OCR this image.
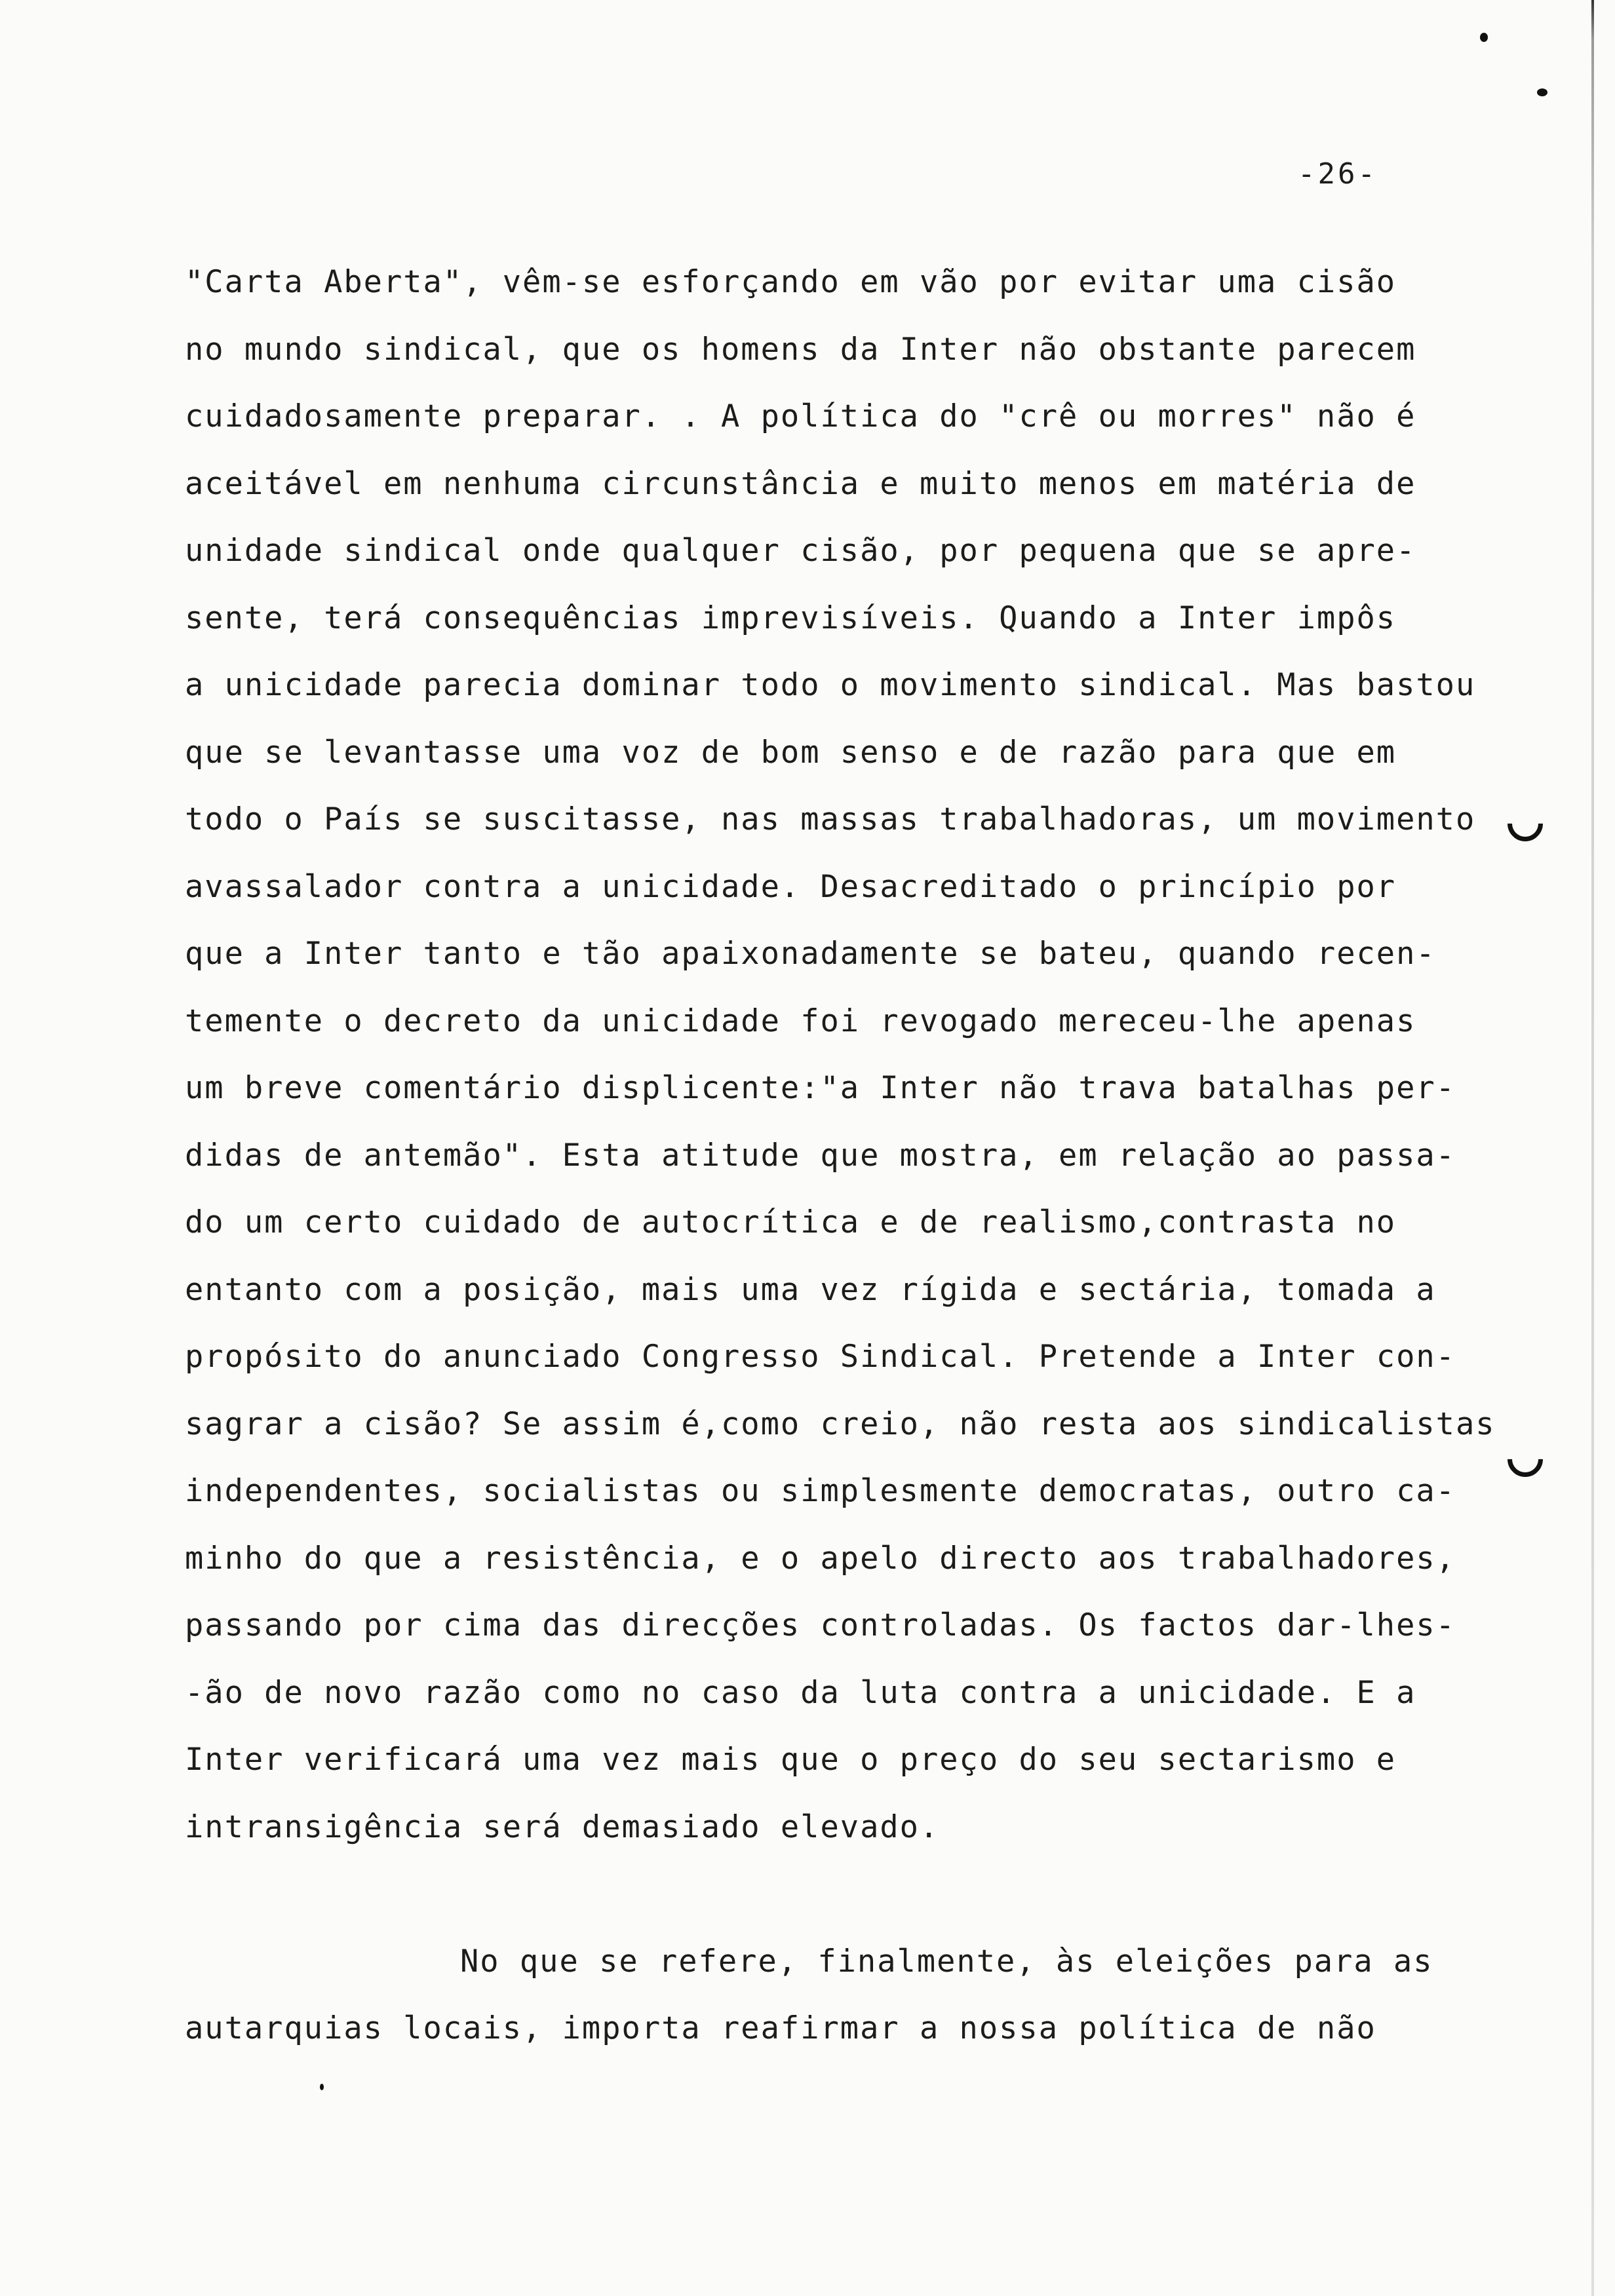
-26-
"Carta Aberta", vêm-se esforçando em vão por evitar uma cisão
no mundo sindical, que os homens da Inter não obstante parecem
cuidadosamente preparar. . A política do "crê ou morres" não é
aceitável em nenhuma circunstância e muito menos em matéria de
unidade sindical onde qualquer cisão, por pequena que se apre-
sente, terá consequências imprevisíveis. Quando a Inter impôs
a unicidade parecia dominar todo o movimento sindical. Mas bastou
que se levantasse uma voz de bom senso e de razão para que em
todo o País se suscitasse, nas massas trabalhadoras, um movimento
avassalador contra a unicidade. Desacreditado o princípio por
que a Inter tanto e tão apaixonadamente se bateu, quando recen-
temente o decreto da unicidade foi revogado mereceu-lhe apenas
um breve comentário displicente:"a Inter não trava batalhas per-
didas de antemão". Esta atitude que mostra, em relação ao passa-
do um certo cuidado de autocrítica e de realismo,contrasta no
entanto com a posição, mais uma vez rígida e sectária, tomada a
propósito do anunciado Congresso Sindical. Pretende a Inter con-
sagrar a cisão? Se assim é,como creio, não resta aos sindicalistas
independentes, socialistas ou simplesmente democratas, outro ca-
minho do que a resistência, e o apelo directo aos trabalhadores,
passando por cima das direcções controladas. Os factos dar-lhes-
-ão de novo razão como no caso da luta contra a unicidade. E a
Inter verificará uma vez mais que o preço do seu sectarismo e
intransigência será demasiado elevado.
No que se refere, finalmente, às eleições para as
autarquias locais, importa reafirmar a nossa política de não
